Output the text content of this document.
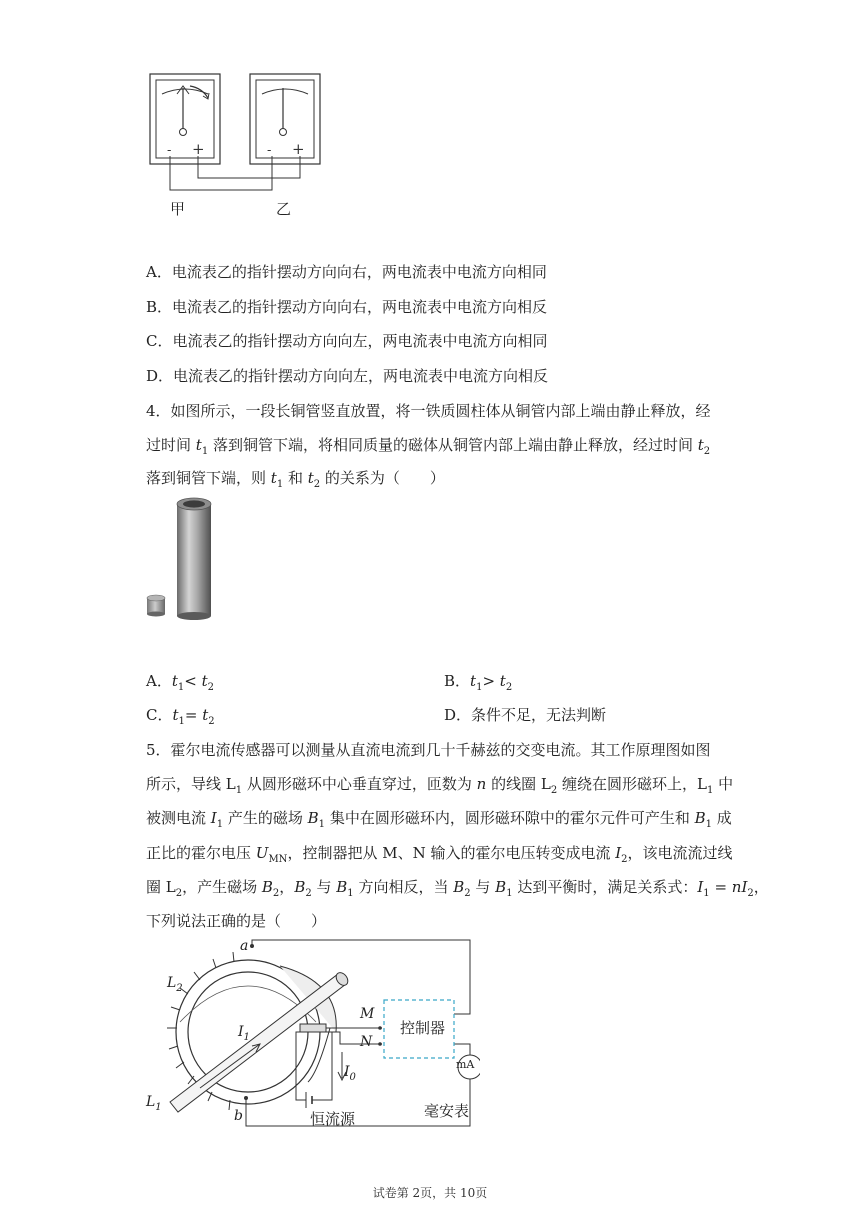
- +	- +
甲	乙
A．电流表乙的指针摆动方向向右，两电流表中电流方向相同
B．电流表乙的指针摆动方向向右，两电流表中电流方向相反
C．电流表乙的指针摆动方向向左，两电流表中电流方向相同
D．电流表乙的指针摆动方向向左，两电流表中电流方向相反
4．如图所示，一段长铜管竖直放置，将一铁质圆柱体从铜管内部上端由静止释放，经
过时间 $t_1$ 落到铜管下端，将相同质量的磁体从铜管内部上端由静止释放，经过时间 $t_2$
落到铜管下端，则 $t_1$ 和 $t_2$ 的关系为（　　）
A．$t_1< t_2$	B．$t_1> t_2$
C．$t_1= t_2$	D．条件不足，无法判断
5．霍尔电流传感器可以测量从直流电流到几十千赫兹的交变电流。其工作原理图如图
所示，导线 $L_1$ 从圆形磁环中心垂直穿过，匝数为 n 的线圈 $L_2$ 缠绕在圆形磁环上，$L_1$ 中
被测电流 $I_1$ 产生的磁场 $B_1$ 集中在圆形磁环内，圆形磁环隙中的霍尔元件可产生和 $B_1$ 成
正比的霍尔电压 $U_{MN}$，控制器把从 M、N 输入的霍尔电压转变成电流 $I_2$，该电流流过线
圈 $L_2$，产生磁场 $B_2$，$B_2$ 与 $B_1$ 方向相反，当 $B_2$ 与 $B_1$ 达到平衡时，满足关系式：$I_1 = nI_2$，
下列说法正确的是（　　）
a
b
$L_2$
$L_1$
$I_1$
$I_0$
M
N
控制器
mA
恒流源	毫安表
试卷第 2页，共 10页
